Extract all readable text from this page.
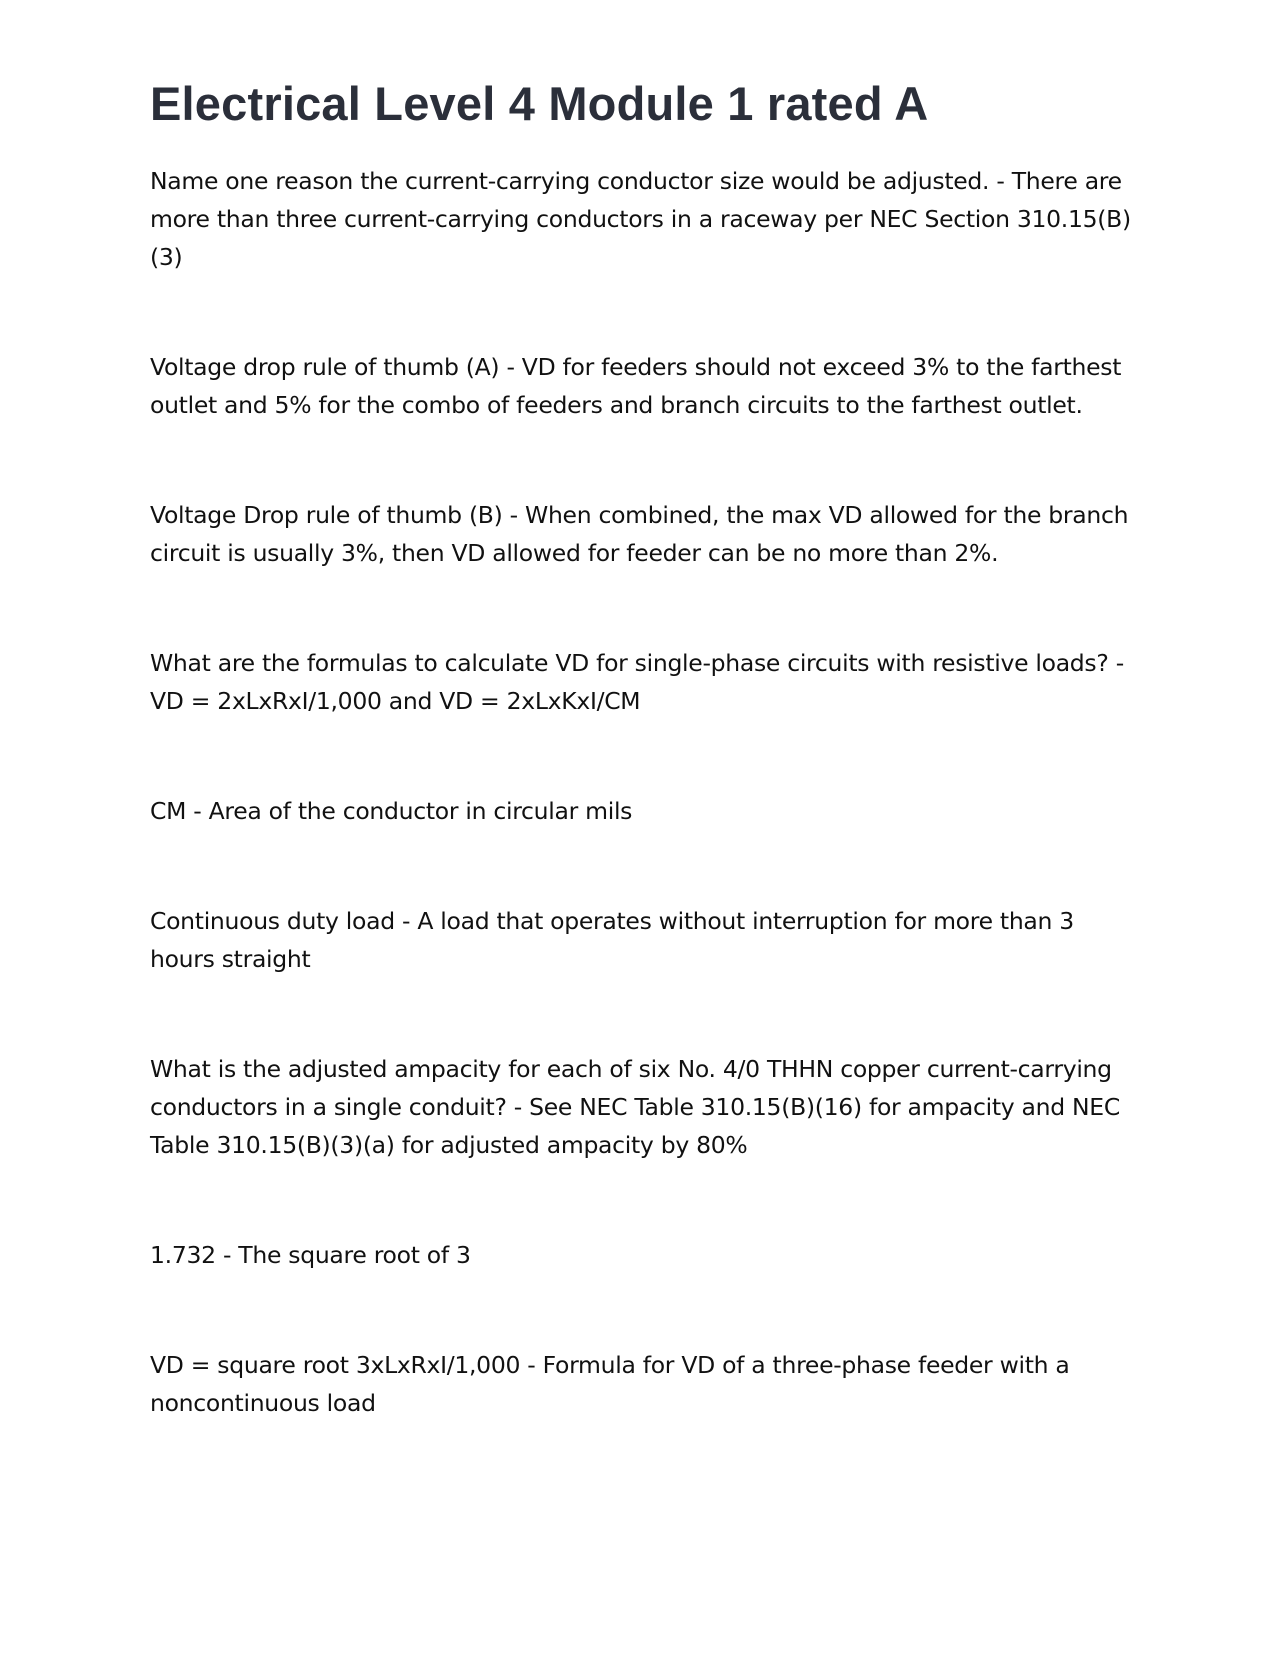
Electrical Level 4 Module 1 rated A

Name one reason the current-carrying conductor size would be adjusted. - There are more than three current-carrying conductors in a raceway per NEC Section 310.15(B)(3)

Voltage drop rule of thumb (A) - VD for feeders should not exceed 3% to the farthest outlet and 5% for the combo of feeders and branch circuits to the farthest outlet.

Voltage Drop rule of thumb (B) - When combined, the max VD allowed for the branch circuit is usually 3%, then VD allowed for feeder can be no more than 2%.

What are the formulas to calculate VD for single-phase circuits with resistive loads? - VD = 2xLxRxI/1,000 and VD = 2xLxKxI/CM

CM - Area of the conductor in circular mils

Continuous duty load - A load that operates without interruption for more than 3 hours straight

What is the adjusted ampacity for each of six No. 4/0 THHN copper current-carrying conductors in a single conduit? - See NEC Table 310.15(B)(16) for ampacity and NEC Table 310.15(B)(3)(a) for adjusted ampacity by 80%

1.732 - The square root of 3

VD = square root 3xLxRxI/1,000 - Formula for VD of a three-phase feeder with a noncontinuous load
